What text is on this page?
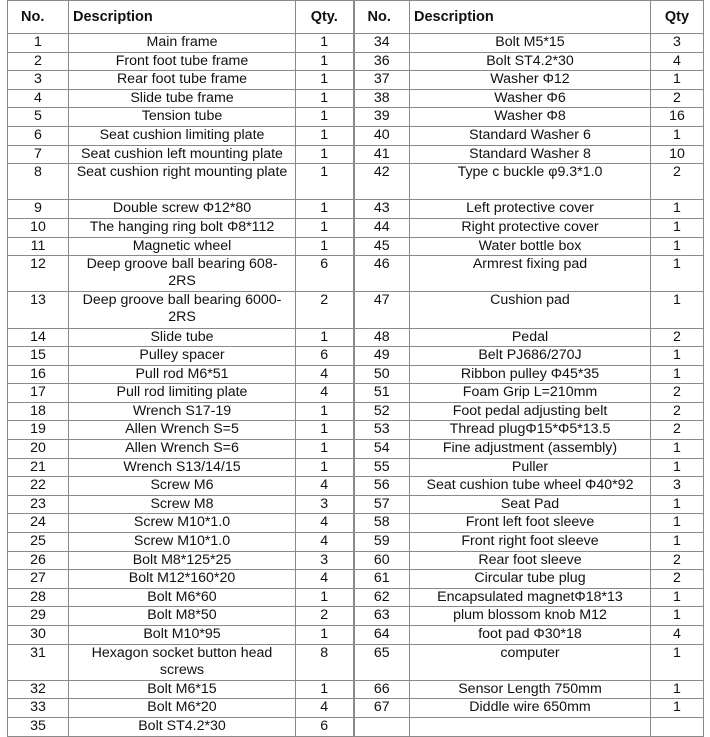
No.	Description	Qty.	No.	Description	Qty
1	Main frame	1	34	Bolt M5*15	3
2	Front foot tube frame	1	36	Bolt ST4.2*30	4
3	Rear foot tube frame	1	37	Washer Φ12	1
4	Slide tube frame	1	38	Washer Φ6	2
5	Tension tube	1	39	Washer Φ8	16
6	Seat cushion limiting plate	1	40	Standard Washer 6	1
7	Seat cushion left mounting plate	1	41	Standard Washer 8	10
8	Seat cushion right mounting plate	1	42	Type c buckle φ9.3*1.0	2
9	Double screw Φ12*80	1	43	Left protective cover	1
10	The hanging ring bolt Φ8*112	1	44	Right protective cover	1
11	Magnetic wheel	1	45	Water bottle box	1
12	Deep groove ball bearing 608-2RS	6	46	Armrest fixing pad	1
13	Deep groove ball bearing 6000-2RS	2	47	Cushion pad	1
14	Slide tube	1	48	Pedal	2
15	Pulley spacer	6	49	Belt PJ686/270J	1
16	Pull rod M6*51	4	50	Ribbon pulley Φ45*35	1
17	Pull rod limiting plate	4	51	Foam Grip L=210mm	2
18	Wrench S17-19	1	52	Foot pedal adjusting belt	2
19	Allen Wrench S=5	1	53	Thread plugΦ15*Φ5*13.5	2
20	Allen Wrench S=6	1	54	Fine adjustment (assembly)	1
21	Wrench S13/14/15	1	55	Puller	1
22	Screw M6	4	56	Seat cushion tube wheel Φ40*92	3
23	Screw M8	3	57	Seat Pad	1
24	Screw M10*1.0	4	58	Front left foot sleeve	1
25	Screw M10*1.0	4	59	Front right foot sleeve	1
26	Bolt M8*125*25	3	60	Rear foot sleeve	2
27	Bolt M12*160*20	4	61	Circular tube plug	2
28	Bolt M6*60	1	62	Encapsulated magnetΦ18*13	1
29	Bolt M8*50	2	63	plum blossom knob M12	1
30	Bolt M10*95	1	64	foot pad Φ30*18	4
31	Hexagon socket button head screws	8	65	computer	1
32	Bolt M6*15	1	66	Sensor Length 750mm	1
33	Bolt M6*20	4	67	Diddle wire 650mm	1
35	Bolt ST4.2*30	6			
